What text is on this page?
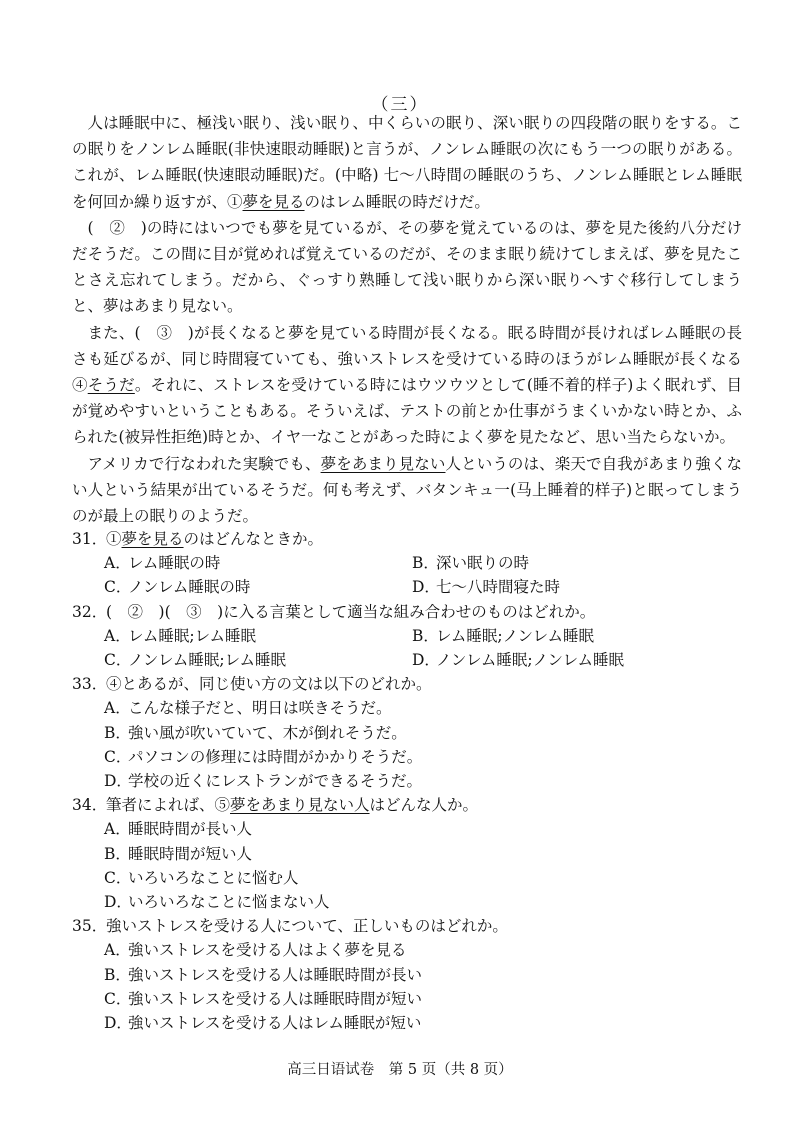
（三）

人は睡眠中に、極浅い眠り、浅い眠り、中くらいの眠り、深い眠りの四段階の眠りをする。この眠りをノンレム睡眠(非快速眼动睡眠)と言うが、ノンレム睡眠の次にもう一つの眠りがある。これが、レム睡眠(快速眼动睡眠)だ。(中略) 七～八時間の睡眠のうち、ノンレム睡眠とレム睡眠を何回か繰り返すが、①夢を見るのはレム睡眠の時だけだ。

(　②　)の時にはいつでも夢を見ているが、その夢を覚えているのは、夢を見た後約八分だけだそうだ。この間に目が覚めれば覚えているのだが、そのまま眠り続けてしまえば、夢を見たことさえ忘れてしまう。だから、ぐっすり熟睡して浅い眠りから深い眠りへすぐ移行してしまうと、夢はあまり見ない。

また、(　③　)が長くなると夢を見ている時間が長くなる。眠る時間が長ければレム睡眠の長さも延びるが、同じ時間寝ていても、強いストレスを受けている時のほうがレム睡眠が長くなる④そうだ。それに、ストレスを受けている時にはウツウツとして(睡不着的样子)よく眠れず、目が覚めやすいということもある。そういえば、テストの前とか仕事がうまくいかない時とか、ふられた(被异性拒绝)時とか、イヤ一なことがあった時によく夢を見たなど、思い当たらないか。

アメリカで行なわれた実験でも、夢をあまり見ない人というのは、楽天で自我があまり強くない人という結果が出ているそうだ。何も考えず、バタンキュ一(马上睡着的样子)と眠ってしまうのが最上の眠りのようだ。

31．①夢を見るのはどんなときか。
A．レム睡眠の時	B．深い眠りの時
C．ノンレム睡眠の時	D．七～八時間寝た時
32．(　②　)(　③　)に入る言葉として適当な組み合わせのものはどれか。
A．レム睡眠;レム睡眠	B．レム睡眠;ノンレム睡眠
C．ノンレム睡眠;レム睡眠	D．ノンレム睡眠;ノンレム睡眠
33．④とあるが、同じ使い方の文は以下のどれか。
A．こんな様子だと、明日は咲きそうだ。
B．強い風が吹いていて、木が倒れそうだ。
C．パソコンの修理には時間がかかりそうだ。
D．学校の近くにレストランができるそうだ。
34．筆者によれば、⑤夢をあまり見ない人はどんな人か。
A．睡眠時間が長い人
B．睡眠時間が短い人
C．いろいろなことに悩む人
D．いろいろなことに悩まない人
35．強いストレスを受ける人について、正しいものはどれか。
A．強いストレスを受ける人はよく夢を見る
B．強いストレスを受ける人は睡眠時間が長い
C．強いストレスを受ける人は睡眠時間が短い
D．強いストレスを受ける人はレム睡眠が短い
高三日语试卷　第 5 页（共 8 页）
